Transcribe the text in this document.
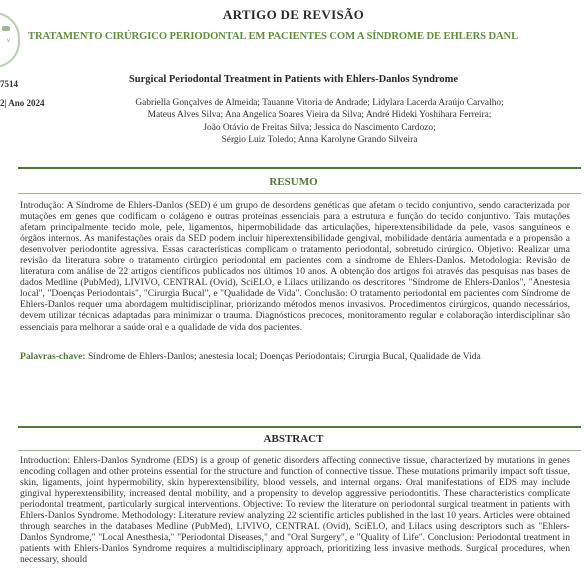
v
7514
2| Ano 2024
ARTIGO DE REVISÃO
TRATAMENTO CIRÚRGICO PERIODONTAL EM PACIENTES COM A SÍNDROME DE EHLERS DANL
Surgical Periodontal Treatment in Patients with Ehlers-Danlos Syndrome
Gabriella Gonçalves de Almeida; Tauanne Vitoria de Andrade; Lidylara Lacerda Araújo Carvalho;
Mateus Alves Silva; Ana Angelica Soares Vieira da Silva; André Hideki Yoshihara Ferreira;
João Otávio de Freitas Silva; Jessica do Nascimento Cardozo;
Sérgio Luiz Toledo; Anna Karolyne Grando Silveira
RESUMO
Introdução: A Síndrome de Ehlers-Danlos (SED) é um grupo de desordens genéticas que afetam o tecido conjuntivo, sendo caracterizada por mutações em genes que codificam o colágeno e outras proteínas essenciais para a estrutura e função do tecido conjuntivo. Tais mutações afetam principalmente tecido mole, pele, ligamentos, hipermobilidade das articulações, hiperextensibilidade da pele, vasos sanguíneos e órgãos internos. As manifestações orais da SED podem incluir hiperextensibilidade gengival, mobilidade dentária aumentada e a propensão a desenvolver periodontite agressiva. Essas características complicam o tratamento periodontal, sobretudo cirúrgico. Objetivo: Realizar uma revisão da literatura sobre o tratamento cirúrgico periodontal em pacientes com a síndrome de Ehlers-Danlos. Metodologia: Revisão de literatura com análise de 22 artigos científicos publicados nos últimos 10 anos. A obtenção dos artigos foi através das pesquisas nas bases de dados Medline (PubMed), LIVIVO, CENTRAL (Ovid), SciELO, e Lilacs utilizando os descritores "Síndrome de Ehlers-Danlos", "Anestesia local", "Doenças Periodontais", "Cirurgia Bucal", e "Qualidade de Vida". Conclusão: O tratamento periodontal em pacientes com Síndrome de Ehlers-Danlos requer uma abordagem multidisciplinar, priorizando métodos menos invasivos. Procedimentos cirúrgicos, quando necessários, devem utilizar técnicas adaptadas para minimizar o trauma. Diagnósticos precoces, monitoramento regular e colaboração interdisciplinar são essenciais para melhorar a saúde oral e a qualidade de vida dos pacientes.
Palavras-chave: Síndrome de Ehlers-Danlos; anestesia local; Doenças Periodontais; Cirurgia Bucal, Qualidade de Vida
ABSTRACT
Introduction: Ehlers-Danlos Syndrome (EDS) is a group of genetic disorders affecting connective tissue, characterized by mutations in genes encoding collagen and other proteins essential for the structure and function of connective tissue. These mutations primarily impact soft tissue, skin, ligaments, joint hypermobility, skin hyperextensibility, blood vessels, and internal organs. Oral manifestations of EDS may include gingival hyperextensibility, increased dental mobility, and a propensity to develop aggressive periodontitis. These characteristics complicate periodontal treatment, particularly surgical interventions. Objective: To review the literature on periodontal surgical treatment in patients with Ehlers-Danlos Syndrome. Methodology: Literature review analyzing 22 scientific articles published in the last 10 years. Articles were obtained through searches in the databases Medline (PubMed), LIVIVO, CENTRAL (Ovid), SciELO, and Lilacs using descriptors such as "Ehlers-Danlos Syndrome," "Local Anesthesia," "Periodontal Diseases," and "Oral Surgery", e "Quality of Life". Conclusion: Periodontal treatment in patients with Ehlers-Danlos Syndrome requires a multidisciplinary approach, prioritizing less invasive methods. Surgical procedures, when necessary, should
